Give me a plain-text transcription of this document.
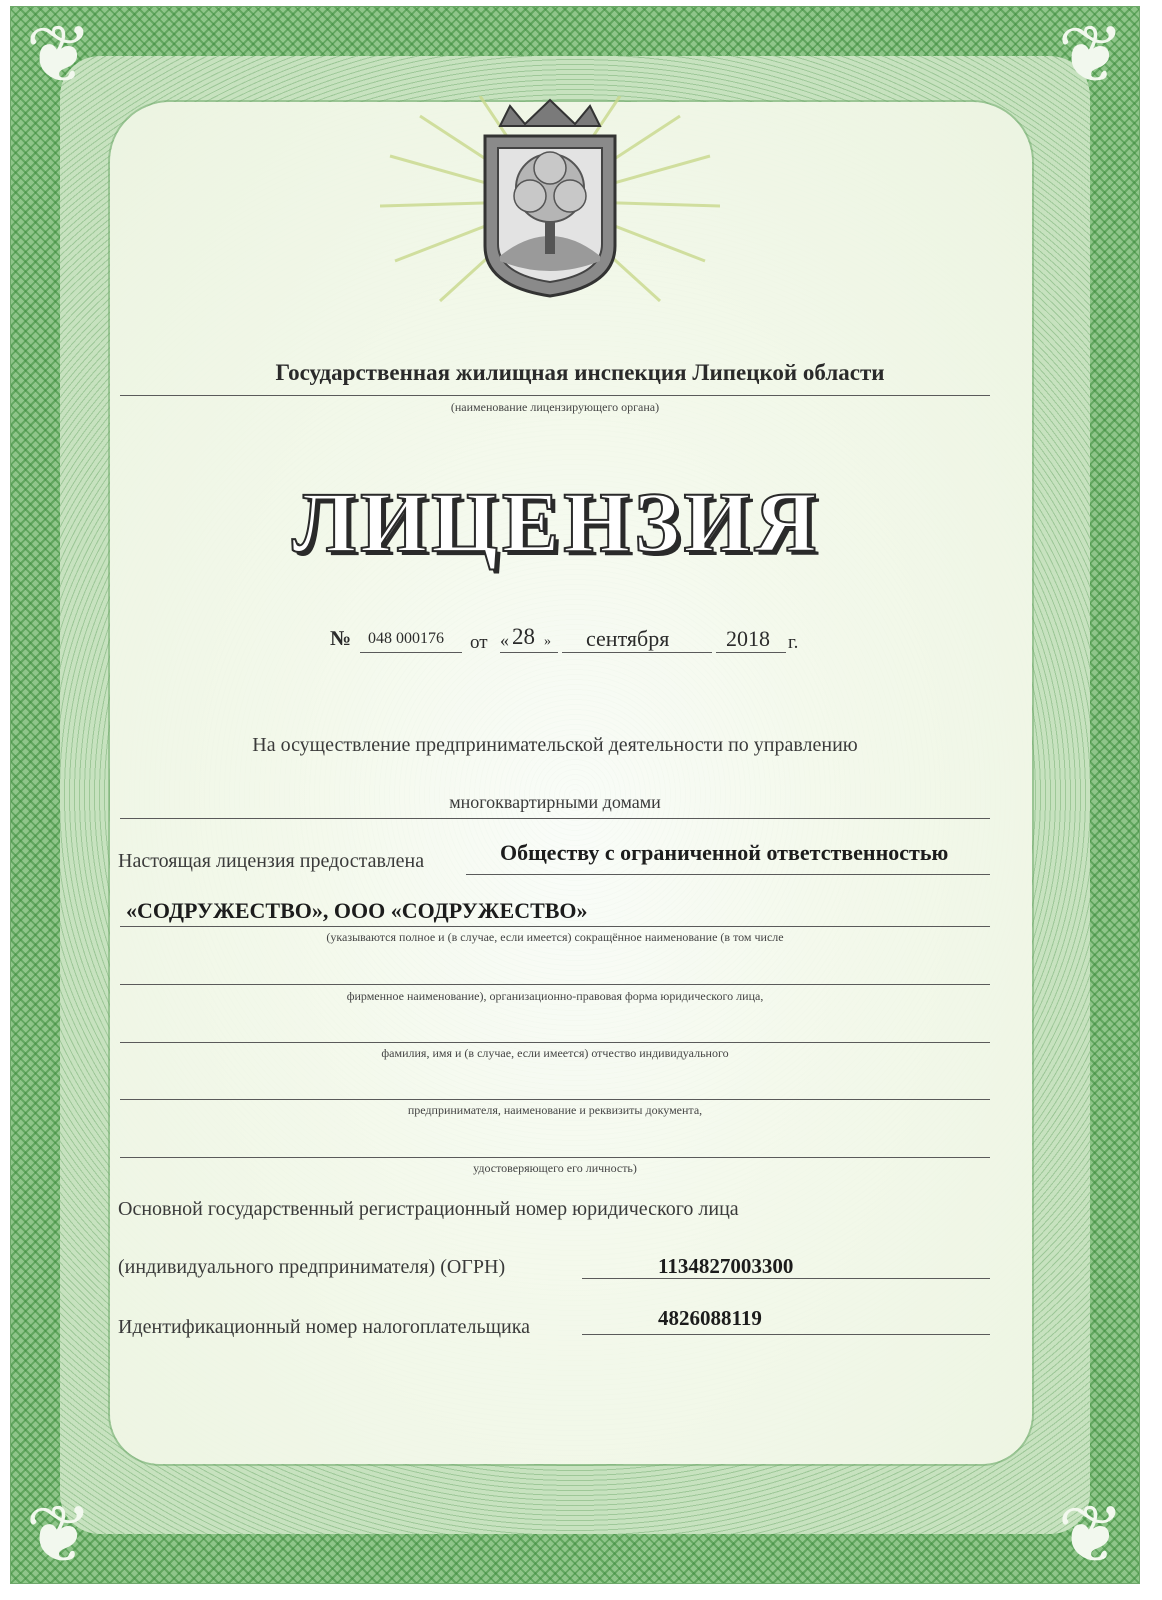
❦	❦
❦	❦
Государственная жилищная инспекция Липецкой области
(наименование лицензирующего органа)
ЛИЦЕНЗИЯ
№ 048 000176 от « 28 » сентября	2018 г.
На осуществление предпринимательской деятельности по управлению
многоквартирными домами
Настоящая лицензия предоставлена	Обществу с ограниченной ответственностью
«СОДРУЖЕСТВО», ООО «СОДРУЖЕСТВО»
(указываются полное и (в случае, если имеется) сокращённое наименование (в том числе
фирменное наименование), организационно-правовая форма юридического лица,
фамилия, имя и (в случае, если имеется) отчество индивидуального
предпринимателя, наименование и реквизиты документа,
удостоверяющего его личность)
Основной государственный регистрационный номер юридического лица
(индивидуального предпринимателя) (ОГРН)	1134827003300
Идентификационный номер налогоплательщика	4826088119
